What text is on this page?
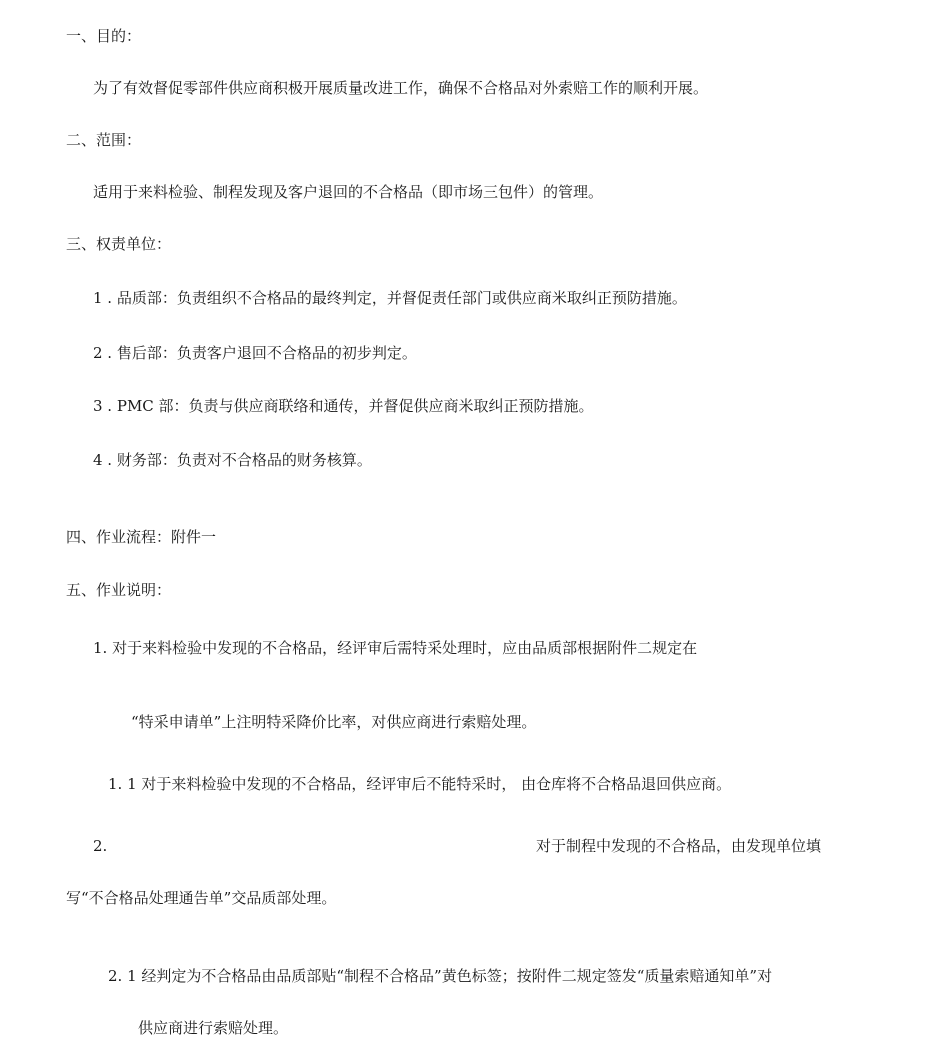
一、目的：

为了有效督促零部件供应商积极开展质量改进工作，确保不合格品对外索赔工作的顺利开展。

二、范围：

适用于来料检验、制程发现及客户退回的不合格品（即市场三包件）的管理。

三、权责单位：

1 . 品质部：负责组织不合格品的最终判定，并督促责任部门或供应商米取纠正预防措施。

2 . 售后部：负责客户退回不合格品的初步判定。

3 . PMC 部：负责与供应商联络和通传，并督促供应商米取纠正预防措施。

4 . 财务部：负责对不合格品的财务核算。

四、作业流程：附件一

五、作业说明：

1. 对于来料检验中发现的不合格品，经评审后需特采处理时，应由品质部根据附件二规定在

“特采申请单”上注明特采降价比率，对供应商进行索赔处理。

1. 1 对于来料检验中发现的不合格品，经评审后不能特采时， 由仓库将不合格品退回供应商。

2.	对于制程中发现的不合格品，由发现单位填

写“不合格品处理通告单”交品质部处理。

2. 1 经判定为不合格品由品质部贴“制程不合格品”黄色标签；按附件二规定签发“质量索赔通知单”对

供应商进行索赔处理。
